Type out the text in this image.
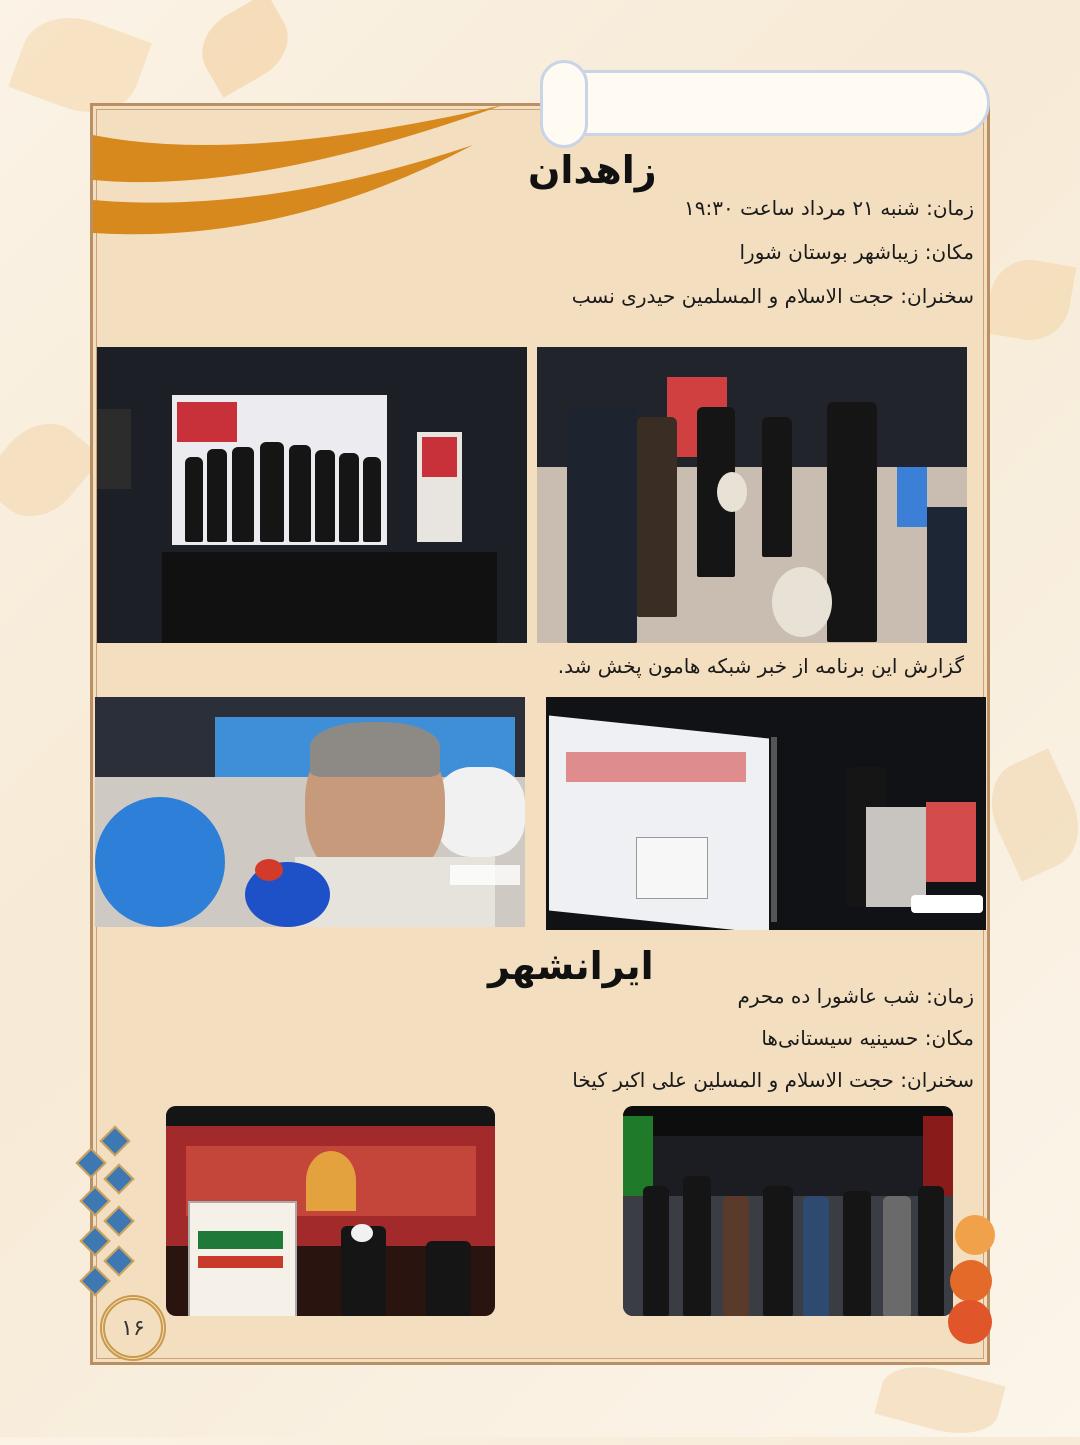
زاهدان
زمان: شنبه ۲۱ مرداد ساعت ۱۹:۳۰
مکان: زیباشهر بوستان شورا
سخنران: حجت الاسلام و المسلمین حیدری نسب
گزارش این برنامه از خبر شبکه هامون پخش شد.
ایرانشهر
زمان: شب عاشورا ده محرم
مکان: حسینیه سیستانی‌ها
سخنران: حجت الاسلام و المسلین علی اکبر کیخا
۱۶
